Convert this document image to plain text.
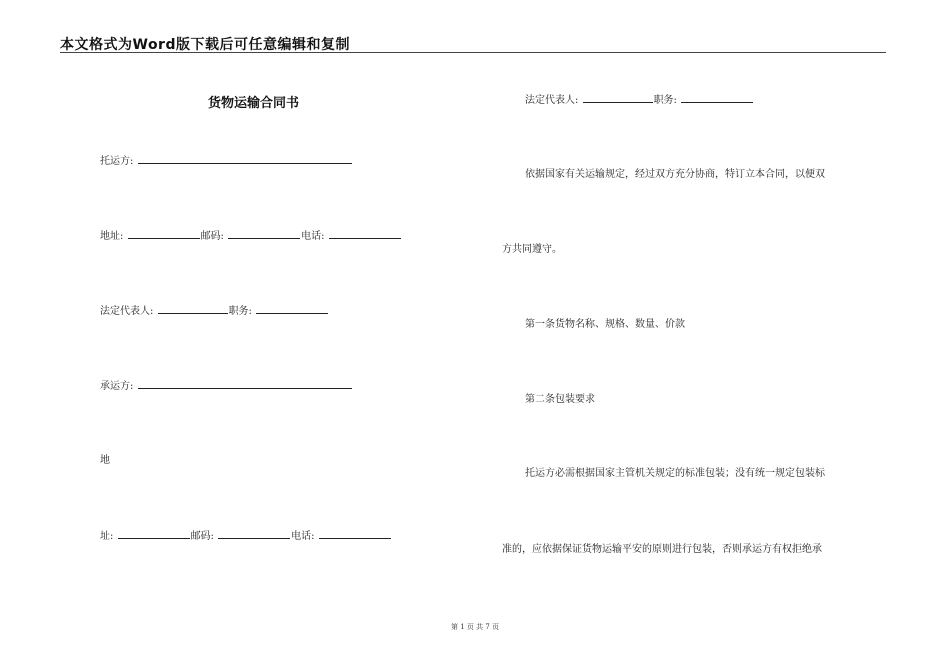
本文格式为Word版下载后可任意编辑和复制
货物运输合同书
托运方:
地址:	邮码:	电话:
法定代表人:	职务:
承运方:
地
址:	邮码:	电话:
法定代表人:	职务:
依据国家有关运输规定，经过双方充分协商，特订立本合同，以便双
方共同遵守。
第一条货物名称、规格、数量、价款
第二条包装要求
托运方必需根据国家主管机关规定的标准包装；没有统一规定包装标
准的，应依据保证货物运输平安的原则进行包装，否则承运方有权拒绝承
第 1 页 共 7 页
